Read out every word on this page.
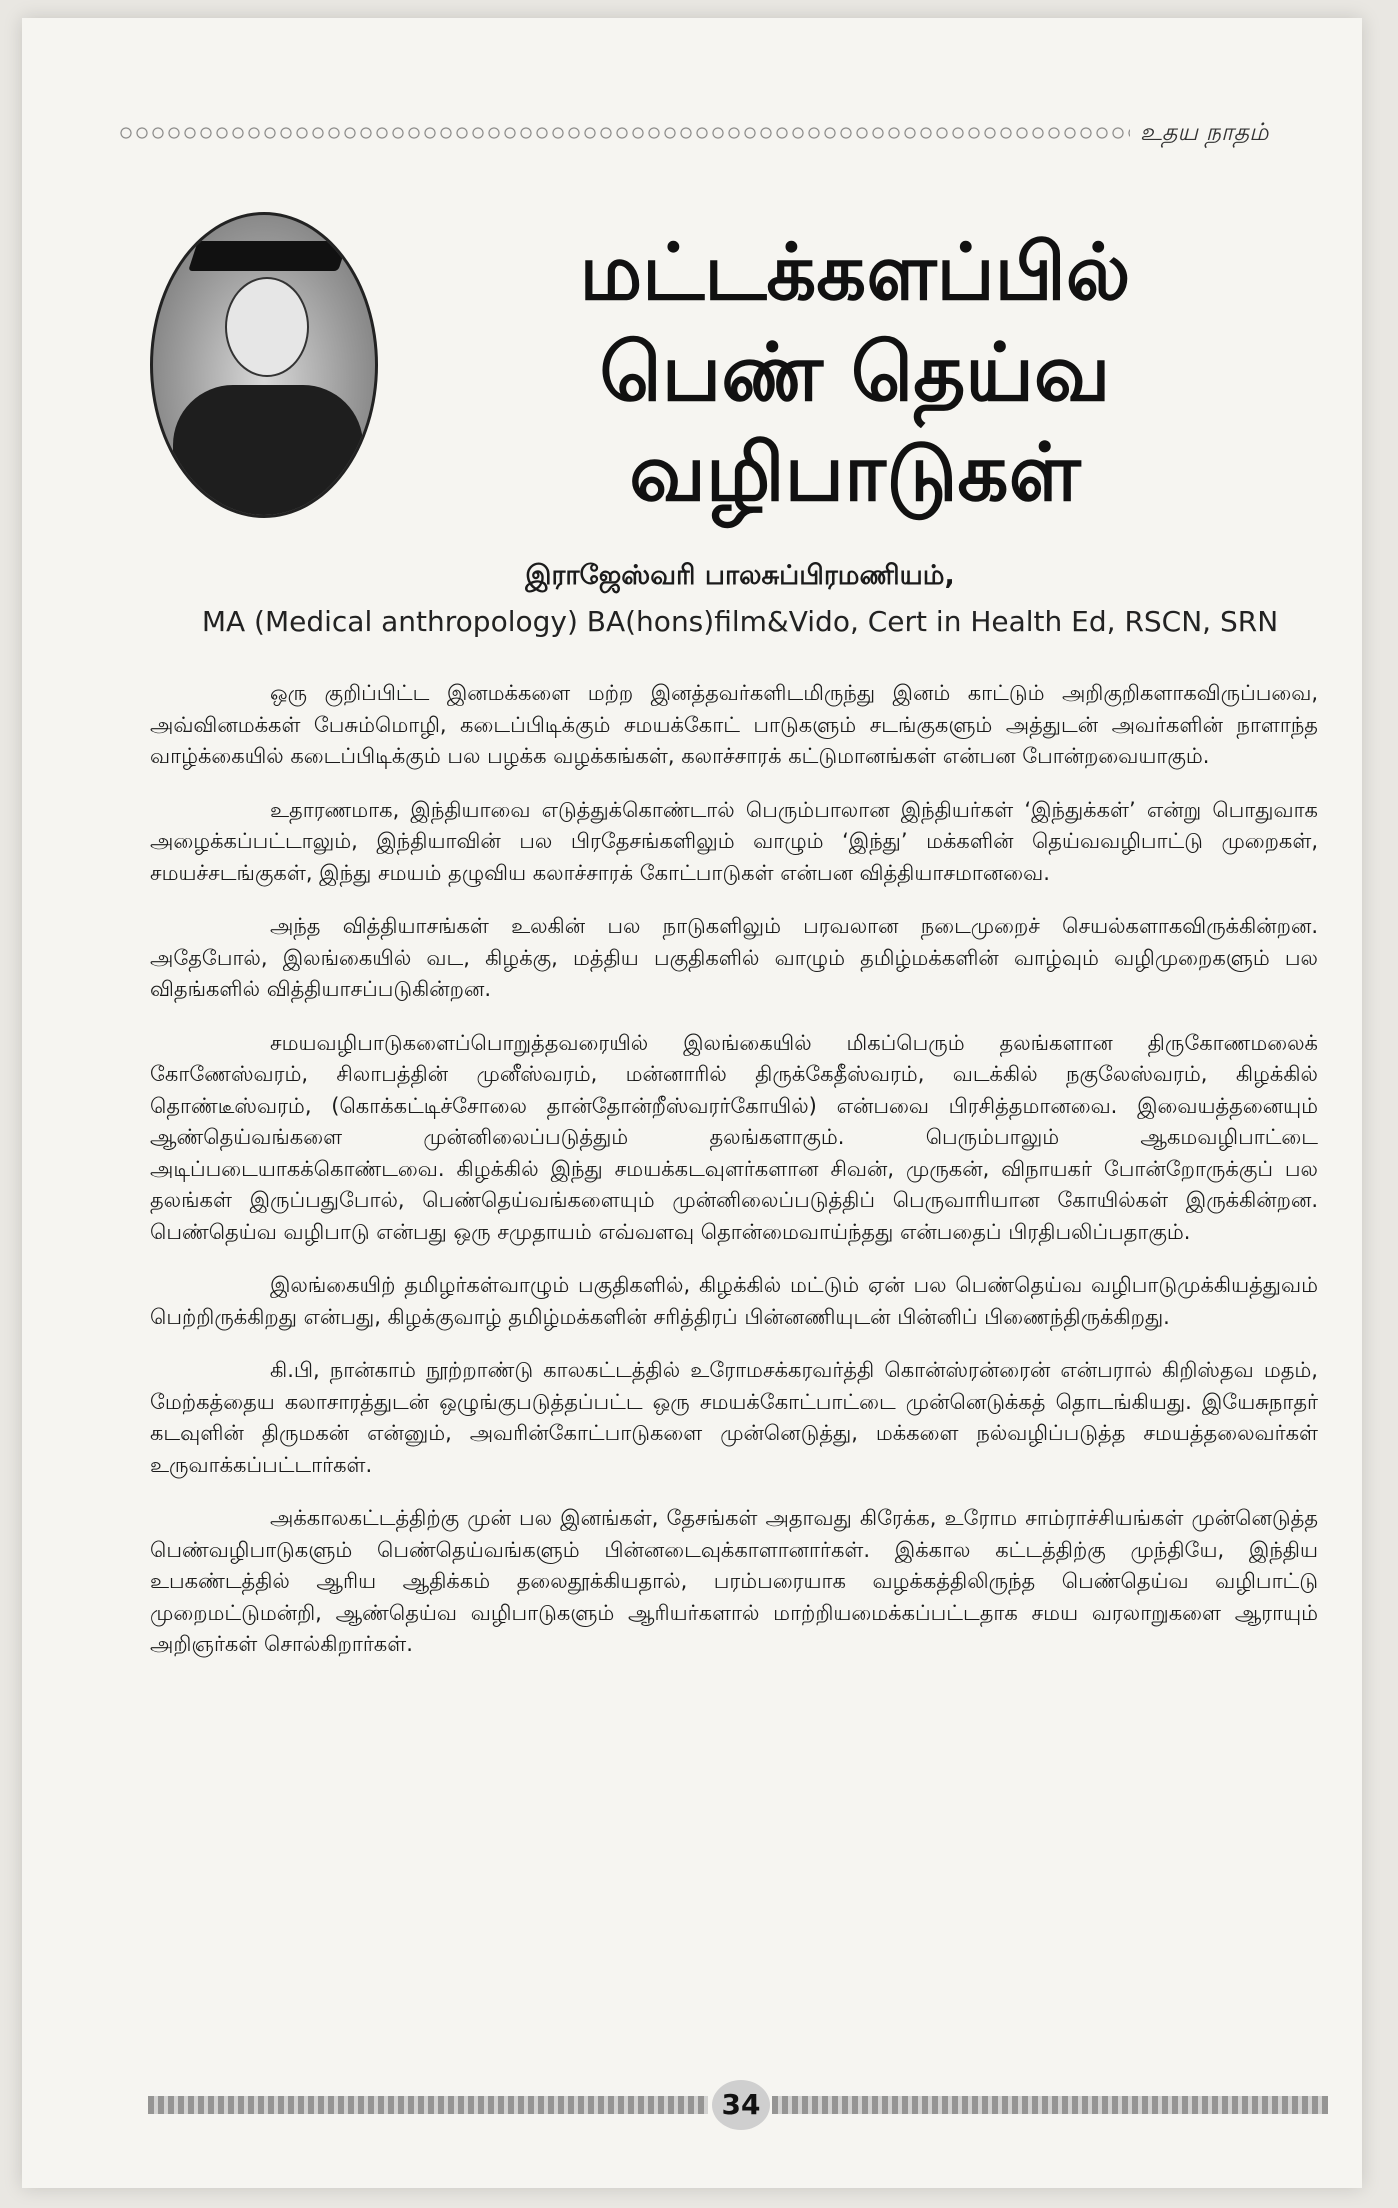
உதய நாதம்
மட்டக்களப்பில்
பெண் தெய்வ வழிபாடுகள்
இராஜேஸ்வரி பாலசுப்பிரமணியம்,
MA (Medical anthropology) BA(hons)film&Vido, Cert in Health Ed, RSCN, SRN

ஒரு குறிப்பிட்ட இனமக்களை மற்ற இனத்தவர்களிடமிருந்து இனம் காட்டும் அறிகுறிகளாகவிருப்பவை, அவ்வினமக்கள் பேசும்மொழி, கடைப்பிடிக்கும் சமயக்கோட் பாடுகளும் சடங்குகளும் அத்துடன் அவர்களின் நாளாந்த வாழ்க்கையில் கடைப்பிடிக்கும் பல பழக்க வழக்கங்கள், கலாச்சாரக் கட்டுமானங்கள் என்பன போன்றவையாகும்.

உதாரணமாக, இந்தியாவை எடுத்துக்கொண்டால் பெரும்பாலான இந்தியர்கள் ‘இந்துக்கள்’ என்று பொதுவாக அழைக்கப்பட்டாலும், இந்தியாவின் பல பிரதேசங்களிலும் வாழும் ‘இந்து’ மக்களின் தெய்வவழிபாட்டு முறைகள், சமயச்சடங்குகள், இந்து சமயம் தழுவிய கலாச்சாரக் கோட்பாடுகள் என்பன வித்தியாசமானவை.

அந்த வித்தியாசங்கள் உலகின் பல நாடுகளிலும் பரவலான நடைமுறைச் செயல்களாகவிருக்கின்றன. அதேபோல், இலங்கையில் வட, கிழக்கு, மத்திய பகுதிகளில் வாழும் தமிழ்மக்களின் வாழ்வும் வழிமுறைகளும் பல விதங்களில் வித்தியாசப்படுகின்றன.

சமயவழிபாடுகளைப்பொறுத்தவரையில் இலங்கையில் மிகப்பெரும் தலங்களான திருகோணமலைக் கோணேஸ்வரம், சிலாபத்தின் முனீஸ்வரம், மன்னாரில் திருக்கேதீஸ்வரம், வடக்கில் நகுலேஸ்வரம், கிழக்கில் தொண்டீஸ்வரம், (கொக்கட்டிச்சோலை தான்தோன்றீஸ்வரர்கோயில்) என்பவை பிரசித்தமானவை. இவையத்தனையும் ஆண்தெய்வங்களை முன்னிலைப்படுத்தும் தலங்களாகும். பெரும்பாலும் ஆகமவழிபாட்டை அடிப்படையாகக்கொண்டவை. கிழக்கில் இந்து சமயக்கடவுளர்களான சிவன், முருகன், விநாயகர் போன்றோருக்குப் பல தலங்கள் இருப்பதுபோல், பெண்தெய்வங்களையும் முன்னிலைப்படுத்திப் பெருவாரியான கோயில்கள் இருக்கின்றன. பெண்தெய்வ வழிபாடு என்பது ஒரு சமுதாயம் எவ்வளவு தொன்மைவாய்ந்தது என்பதைப் பிரதிபலிப்பதாகும்.

இலங்கையிற் தமிழர்கள்வாழும் பகுதிகளில், கிழக்கில் மட்டும் ஏன் பல பெண்தெய்வ வழிபாடுமுக்கியத்துவம் பெற்றிருக்கிறது என்பது, கிழக்குவாழ் தமிழ்மக்களின் சரித்திரப் பின்னணியுடன் பின்னிப் பிணைந்திருக்கிறது.

கி.பி, நான்காம் நூற்றாண்டு காலகட்டத்தில் உரோமசக்கரவர்த்தி கொன்ஸ்ரன்ரைன் என்பரால் கிறிஸ்தவ மதம், மேற்கத்தைய கலாசாரத்துடன் ஒழுங்குபடுத்தப்பட்ட ஒரு சமயக்கோட்பாட்டை முன்னெடுக்கத் தொடங்கியது. இயேசுநாதர் கடவுளின் திருமகன் என்னும், அவரின்கோட்பாடுகளை முன்னெடுத்து, மக்களை நல்வழிப்படுத்த சமயத்தலைவர்கள் உருவாக்கப்பட்டார்கள்.

அக்காலகட்டத்திற்கு முன் பல இனங்கள், தேசங்கள் அதாவது கிரேக்க, உரோம சாம்ராச்சியங்கள் முன்னெடுத்த பெண்வழிபாடுகளும் பெண்தெய்வங்களும் பின்னடைவுக்காளானார்கள். இக்கால கட்டத்திற்கு முந்தியே, இந்திய உபகண்டத்தில் ஆரிய ஆதிக்கம் தலைதூக்கியதால், பரம்பரையாக வழக்கத்திலிருந்த பெண்தெய்வ வழிபாட்டு முறைமட்டுமன்றி, ஆண்தெய்வ வழிபாடுகளும் ஆரியர்களால் மாற்றியமைக்கப்பட்டதாக சமய வரலாறுகளை ஆராயும் அறிஞர்கள் சொல்கிறார்கள்.

34
